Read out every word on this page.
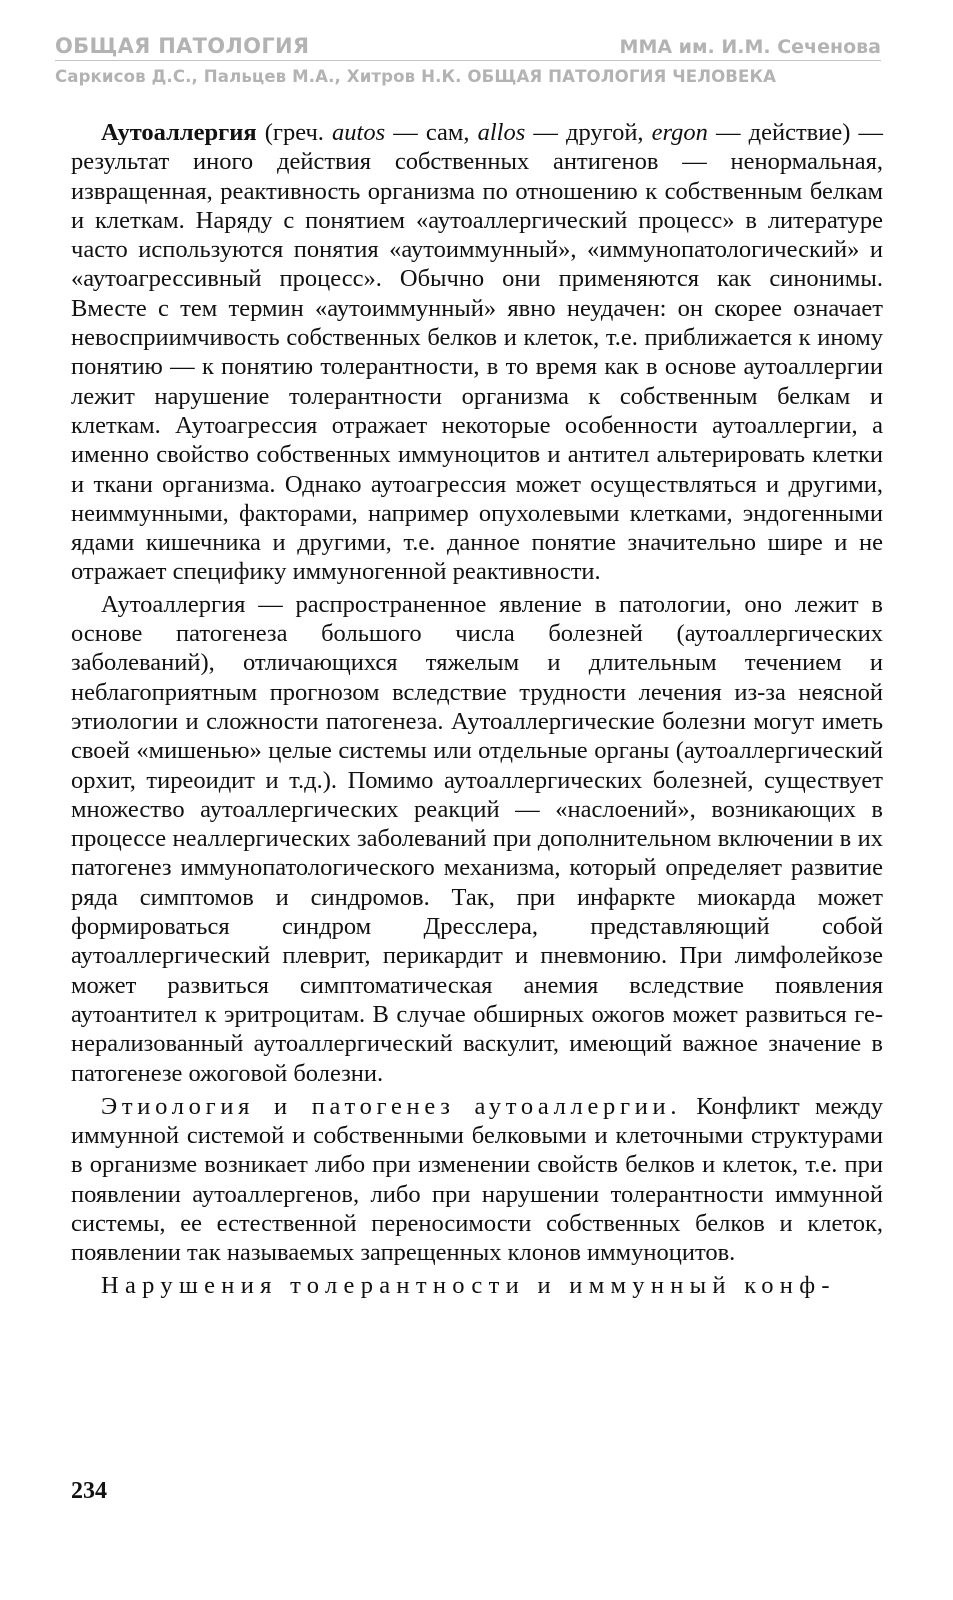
ОБЩАЯ ПАТОЛОГИЯ	ММА им. И.М. Сеченова
Саркисов Д.С., Пальцев М.А., Хитров Н.К. ОБЩАЯ ПАТОЛОГИЯ ЧЕЛОВЕКА

Аутоаллергия (греч. autos — сам, allos — другой, ergon — действие) — результат иного действия собственных антигенов — ненормальная, извращенная, реактивность организма по отношению к собственным белкам и клеткам. Наряду с понятием «аутоаллергический процесс» в литературе часто используются понятия «аутоиммунный», «иммунопатологический» и «аутоагрессивный процесс». Обычно они применяются как синонимы. Вместе с тем термин «аутоиммунный» явно неудачен: он скорее означает невосприимчивость собственных белков и клеток, т.е. приближается к иному понятию — к понятию толерантности, в то время как в основе аутоаллергии лежит нарушение толерантности организма к собственным белкам и клеткам. Аутоагрессия отражает некоторые особенности аутоаллергии, а именно свойство собственных иммуноцитов и антител альтерировать клетки и ткани организма. Однако аутоагрессия может осуществляться и другими, неиммунными, факторами, например опухолевыми клетками, эндогенными ядами кишечника и другими, т.е. данное понятие значительно шире и не отражает специфику иммуногенной реактивности.

Аутоаллергия — распространенное явление в патологии, оно лежит в основе патогенеза большого числа болезней (аутоаллергических заболеваний), отличающихся тяжелым и длительным течением и неблагоприятным прогнозом вследствие трудности лечения из-за неясной этиологии и сложности патогенеза. Аутоаллергические болезни могут иметь своей «мишенью» целые системы или отдельные органы (аутоаллергический орхит, тиреоидит и т.д.). Помимо аутоаллергических болезней, существует множество аутоаллергических реакций — «наслоений», возникающих в процессе неаллергических заболеваний при дополнительном включении в их патогенез иммунопатологического механизма, который определяет развитие ряда симптомов и синдромов. Так, при инфаркте миокарда может формироваться синдром Дресслера, представляющий собой аутоаллергический плеврит, перикардит и пневмонию. При лимфолейкозе может развиться симптоматическая анемия вследствие появления аутоантител к эритроцитам. В случае обширных ожогов может развиться генерализованный аутоаллергический васкулит, имеющий важное значение в патогенезе ожоговой болезни.

Этиология и патогенез аутоаллергии. Конфликт между иммунной системой и собственными белковыми и клеточными структурами в организме возникает либо при изменении свойств белков и клеток, т.е. при появлении аутоаллергенов, либо при нарушении толерантности иммунной системы, ее естественной переносимости собственных белков и клеток, появлении так называемых запрещенных клонов иммуноцитов.

Нарушения толерантности и иммунный конф-

234
